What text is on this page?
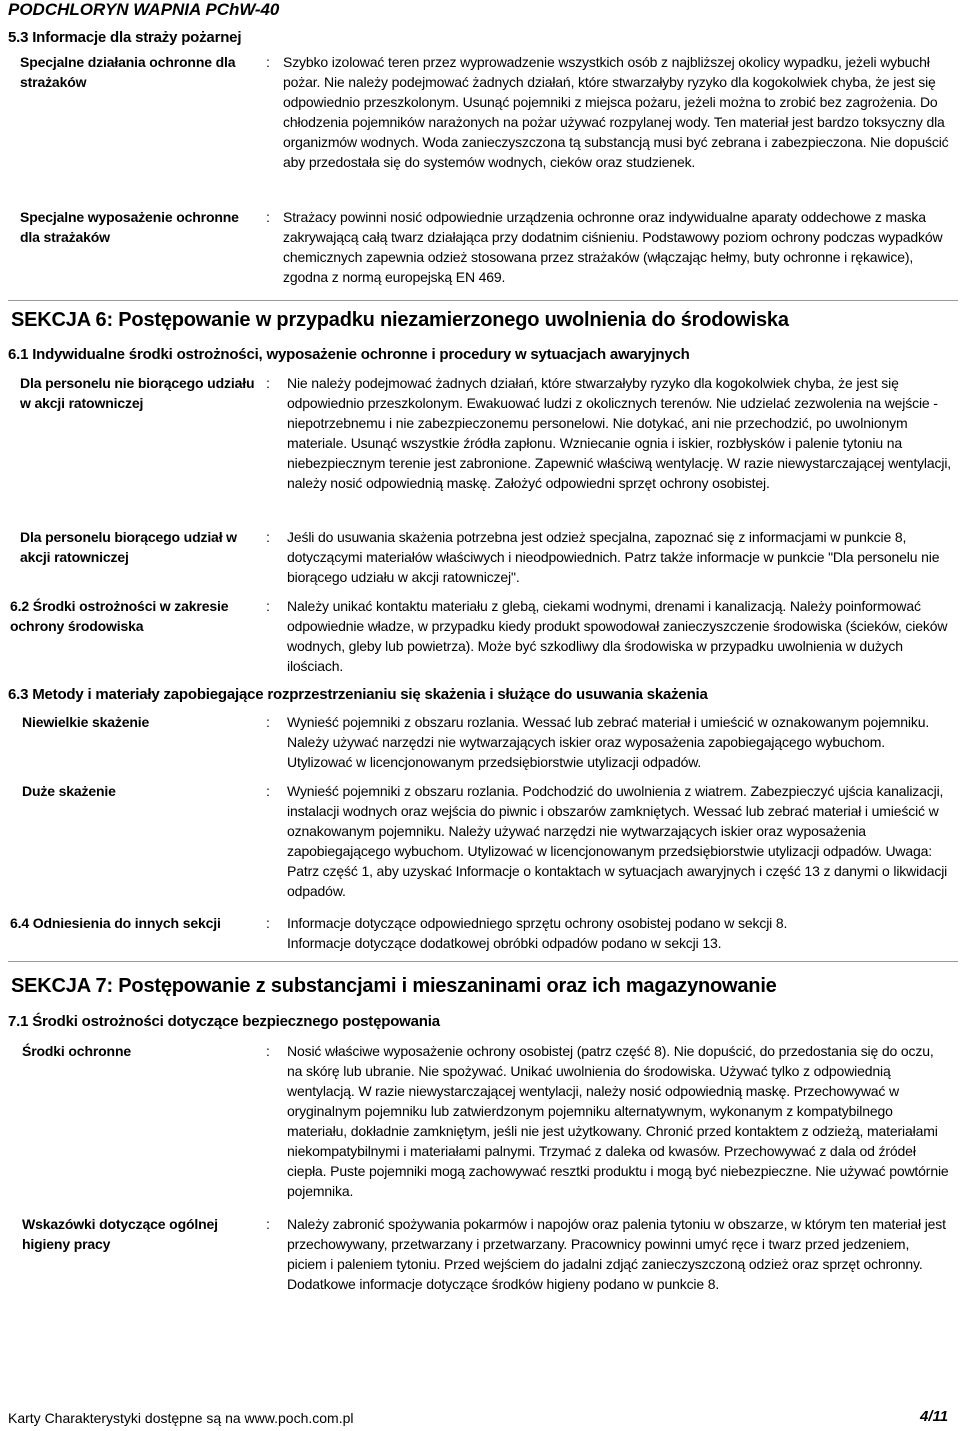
PODCHLORYN WAPNIA PChW-40
5.3 Informacje dla straży pożarnej
Specjalne działania ochronne dla strażaków
: Szybko izolować teren przez wyprowadzenie wszystkich osób z najbliższej okolicy wypadku, jeżeli wybuchł pożar. Nie należy podejmować żadnych działań, które stwarzałyby ryzyko dla kogokolwiek chyba, że jest się odpowiednio przeszkolonym. Usunąć pojemniki z miejsca pożaru, jeżeli można to zrobić bez zagrożenia. Do chłodzenia pojemników narażonych na pożar używać rozpylanej wody. Ten materiał jest bardzo toksyczny dla organizmów wodnych. Woda zanieczyszczona tą substancją musi być zebrana i zabezpieczona. Nie dopuścić aby przedostała się do systemów wodnych, cieków oraz studzienek.
Specjalne wyposażenie ochronne dla strażaków
: Strażacy powinni nosić odpowiednie urządzenia ochronne oraz indywidualne aparaty oddechowe z maska zakrywającą całą twarz działająca przy dodatnim ciśnieniu. Podstawowy poziom ochrony podczas wypadków chemicznych zapewnia odzież stosowana przez strażaków (włączając hełmy, buty ochronne i rękawice), zgodna z normą europejską EN 469.
SEKCJA 6: Postępowanie w przypadku niezamierzonego uwolnienia do środowiska
6.1 Indywidualne środki ostrożności, wyposażenie ochronne i procedury w sytuacjach awaryjnych
Dla personelu nie biorącego udziału w akcji ratowniczej
: Nie należy podejmować żadnych działań, które stwarzałyby ryzyko dla kogokolwiek chyba, że jest się odpowiednio przeszkolonym. Ewakuować ludzi z okolicznych terenów. Nie udzielać zezwolenia na wejście - niepotrzebnemu i nie zabezpieczonemu personelowi. Nie dotykać, ani nie przechodzić, po uwolnionym materiale. Usunąć wszystkie źródła zapłonu. Wzniecanie ognia i iskier, rozbłysków i palenie tytoniu na niebezpiecznym terenie jest zabronione. Zapewnić właściwą wentylację. W razie niewystarczającej wentylacji, należy nosić odpowiednią maskę. Założyć odpowiedni sprzęt ochrony osobistej.
Dla personelu biorącego udział w akcji ratowniczej
: Jeśli do usuwania skażenia potrzebna jest odzież specjalna, zapoznać się z informacjami w punkcie 8, dotyczącymi materiałów właściwych i nieodpowiednich. Patrz także informacje w punkcie "Dla personelu nie biorącego udziału w akcji ratowniczej".
6.2 Środki ostrożności w zakresie ochrony środowiska
: Należy unikać kontaktu materiału z glebą, ciekami wodnymi, drenami i kanalizacją. Należy poinformować odpowiednie władze, w przypadku kiedy produkt spowodował zanieczyszczenie środowiska (ścieków, cieków wodnych, gleby lub powietrza). Może być szkodliwy dla środowiska w przypadku uwolnienia w dużych ilościach.
6.3 Metody i materiały zapobiegające rozprzestrzenianiu się skażenia i służące do usuwania skażenia
Niewielkie skażenie	: Wynieść pojemniki z obszaru rozlania. Wessać lub zebrać materiał i umieścić w oznakowanym pojemniku. Należy używać narzędzi nie wytwarzających iskier oraz wyposażenia zapobiegającego wybuchom. Utylizować w licencjonowanym przedsiębiorstwie utylizacji odpadów.
Duże skażenie	: Wynieść pojemniki z obszaru rozlania. Podchodzić do uwolnienia z wiatrem. Zabezpieczyć ujścia kanalizacji, instalacji wodnych oraz wejścia do piwnic i obszarów zamkniętych. Wessać lub zebrać materiał i umieścić w oznakowanym pojemniku. Należy używać narzędzi nie wytwarzających iskier oraz wyposażenia zapobiegającego wybuchom. Utylizować w licencjonowanym przedsiębiorstwie utylizacji odpadów. Uwaga: Patrz część 1, aby uzyskać Informacje o kontaktach w sytuacjach awaryjnych i część 13 z danymi o likwidacji odpadów.
6.4 Odniesienia do innych sekcji	: Informacje dotyczące odpowiedniego sprzętu ochrony osobistej podano w sekcji 8.
Informacje dotyczące dodatkowej obróbki odpadów podano w sekcji 13.
SEKCJA 7: Postępowanie z substancjami i mieszaninami oraz ich magazynowanie
7.1 Środki ostrożności dotyczące bezpiecznego postępowania
Środki ochronne	: Nosić właściwe wyposażenie ochrony osobistej (patrz część 8). Nie dopuścić, do przedostania się do oczu, na skórę lub ubranie. Nie spożywać. Unikać uwolnienia do środowiska. Używać tylko z odpowiednią wentylacją. W razie niewystarczającej wentylacji, należy nosić odpowiednią maskę. Przechowywać w oryginalnym pojemniku lub zatwierdzonym pojemniku alternatywnym, wykonanym z kompatybilnego materiału, dokładnie zamkniętym, jeśli nie jest użytkowany. Chronić przed kontaktem z odzieżą, materiałami niekompatybilnymi i materiałami palnymi. Trzymać z daleka od kwasów. Przechowywać z dala od źródeł ciepła. Puste pojemniki mogą zachowywać resztki produktu i mogą być niebezpieczne. Nie używać powtórnie pojemnika.
Wskazówki dotyczące ogólnej higieny pracy
: Należy zabronić spożywania pokarmów i napojów oraz palenia tytoniu w obszarze, w którym ten materiał jest przechowywany, przetwarzany i przetwarzany. Pracownicy powinni umyć ręce i twarz przed jedzeniem, piciem i paleniem tytoniu. Przed wejściem do jadalni zdjąć zanieczyszczoną odzież oraz sprzęt ochronny. Dodatkowe informacje dotyczące środków higieny podano w punkcie 8.
Karty Charakterystyki dostępne są na www.poch.com.pl	4/11
